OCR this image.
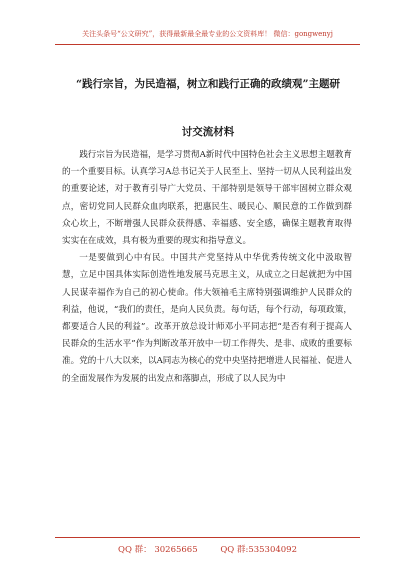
关注头条号“公文研究”，获得最新最全最专业的公文资料库！ 微信：gongwenyj
“践行宗旨，为民造福，树立和践行正确的政绩观”主题研
讨交流材料

践行宗旨为民造福，是学习贯彻A新时代中国特色社会主义思想主题教育的一个重要目标。认真学习A总书记关于人民至上、坚持一切从人民利益出发的重要论述，对于教育引导广大党员、干部特别是领导干部牢固树立群众观点，密切党同人民群众血肉联系，把惠民生、暖民心、顺民意的工作做到群众心坎上，不断增强人民群众获得感、幸福感、安全感，确保主题教育取得实实在在成效，具有极为重要的现实和指导意义。

一是要做到心中有民。中国共产党坚持从中华优秀传统文化中汲取智慧，立足中国具体实际创造性地发展马克思主义，从成立之日起就把为中国人民谋幸福作为自己的初心使命。伟大领袖毛主席特别强调维护人民群众的利益，他说，“我们的责任，是向人民负责。每句话，每个行动，每项政策，都要适合人民的利益”。改革开放总设计师邓小平同志把“是否有利于提高人民群众的生活水平”作为判断改革开放中一切工作得失、是非、成败的重要标准。党的十八大以来，以A同志为核心的党中央坚持把增进人民福祉、促进人的全面发展作为发展的出发点和落脚点，形成了以人民为中

QQ 群： 30265665	QQ 群:535304092
